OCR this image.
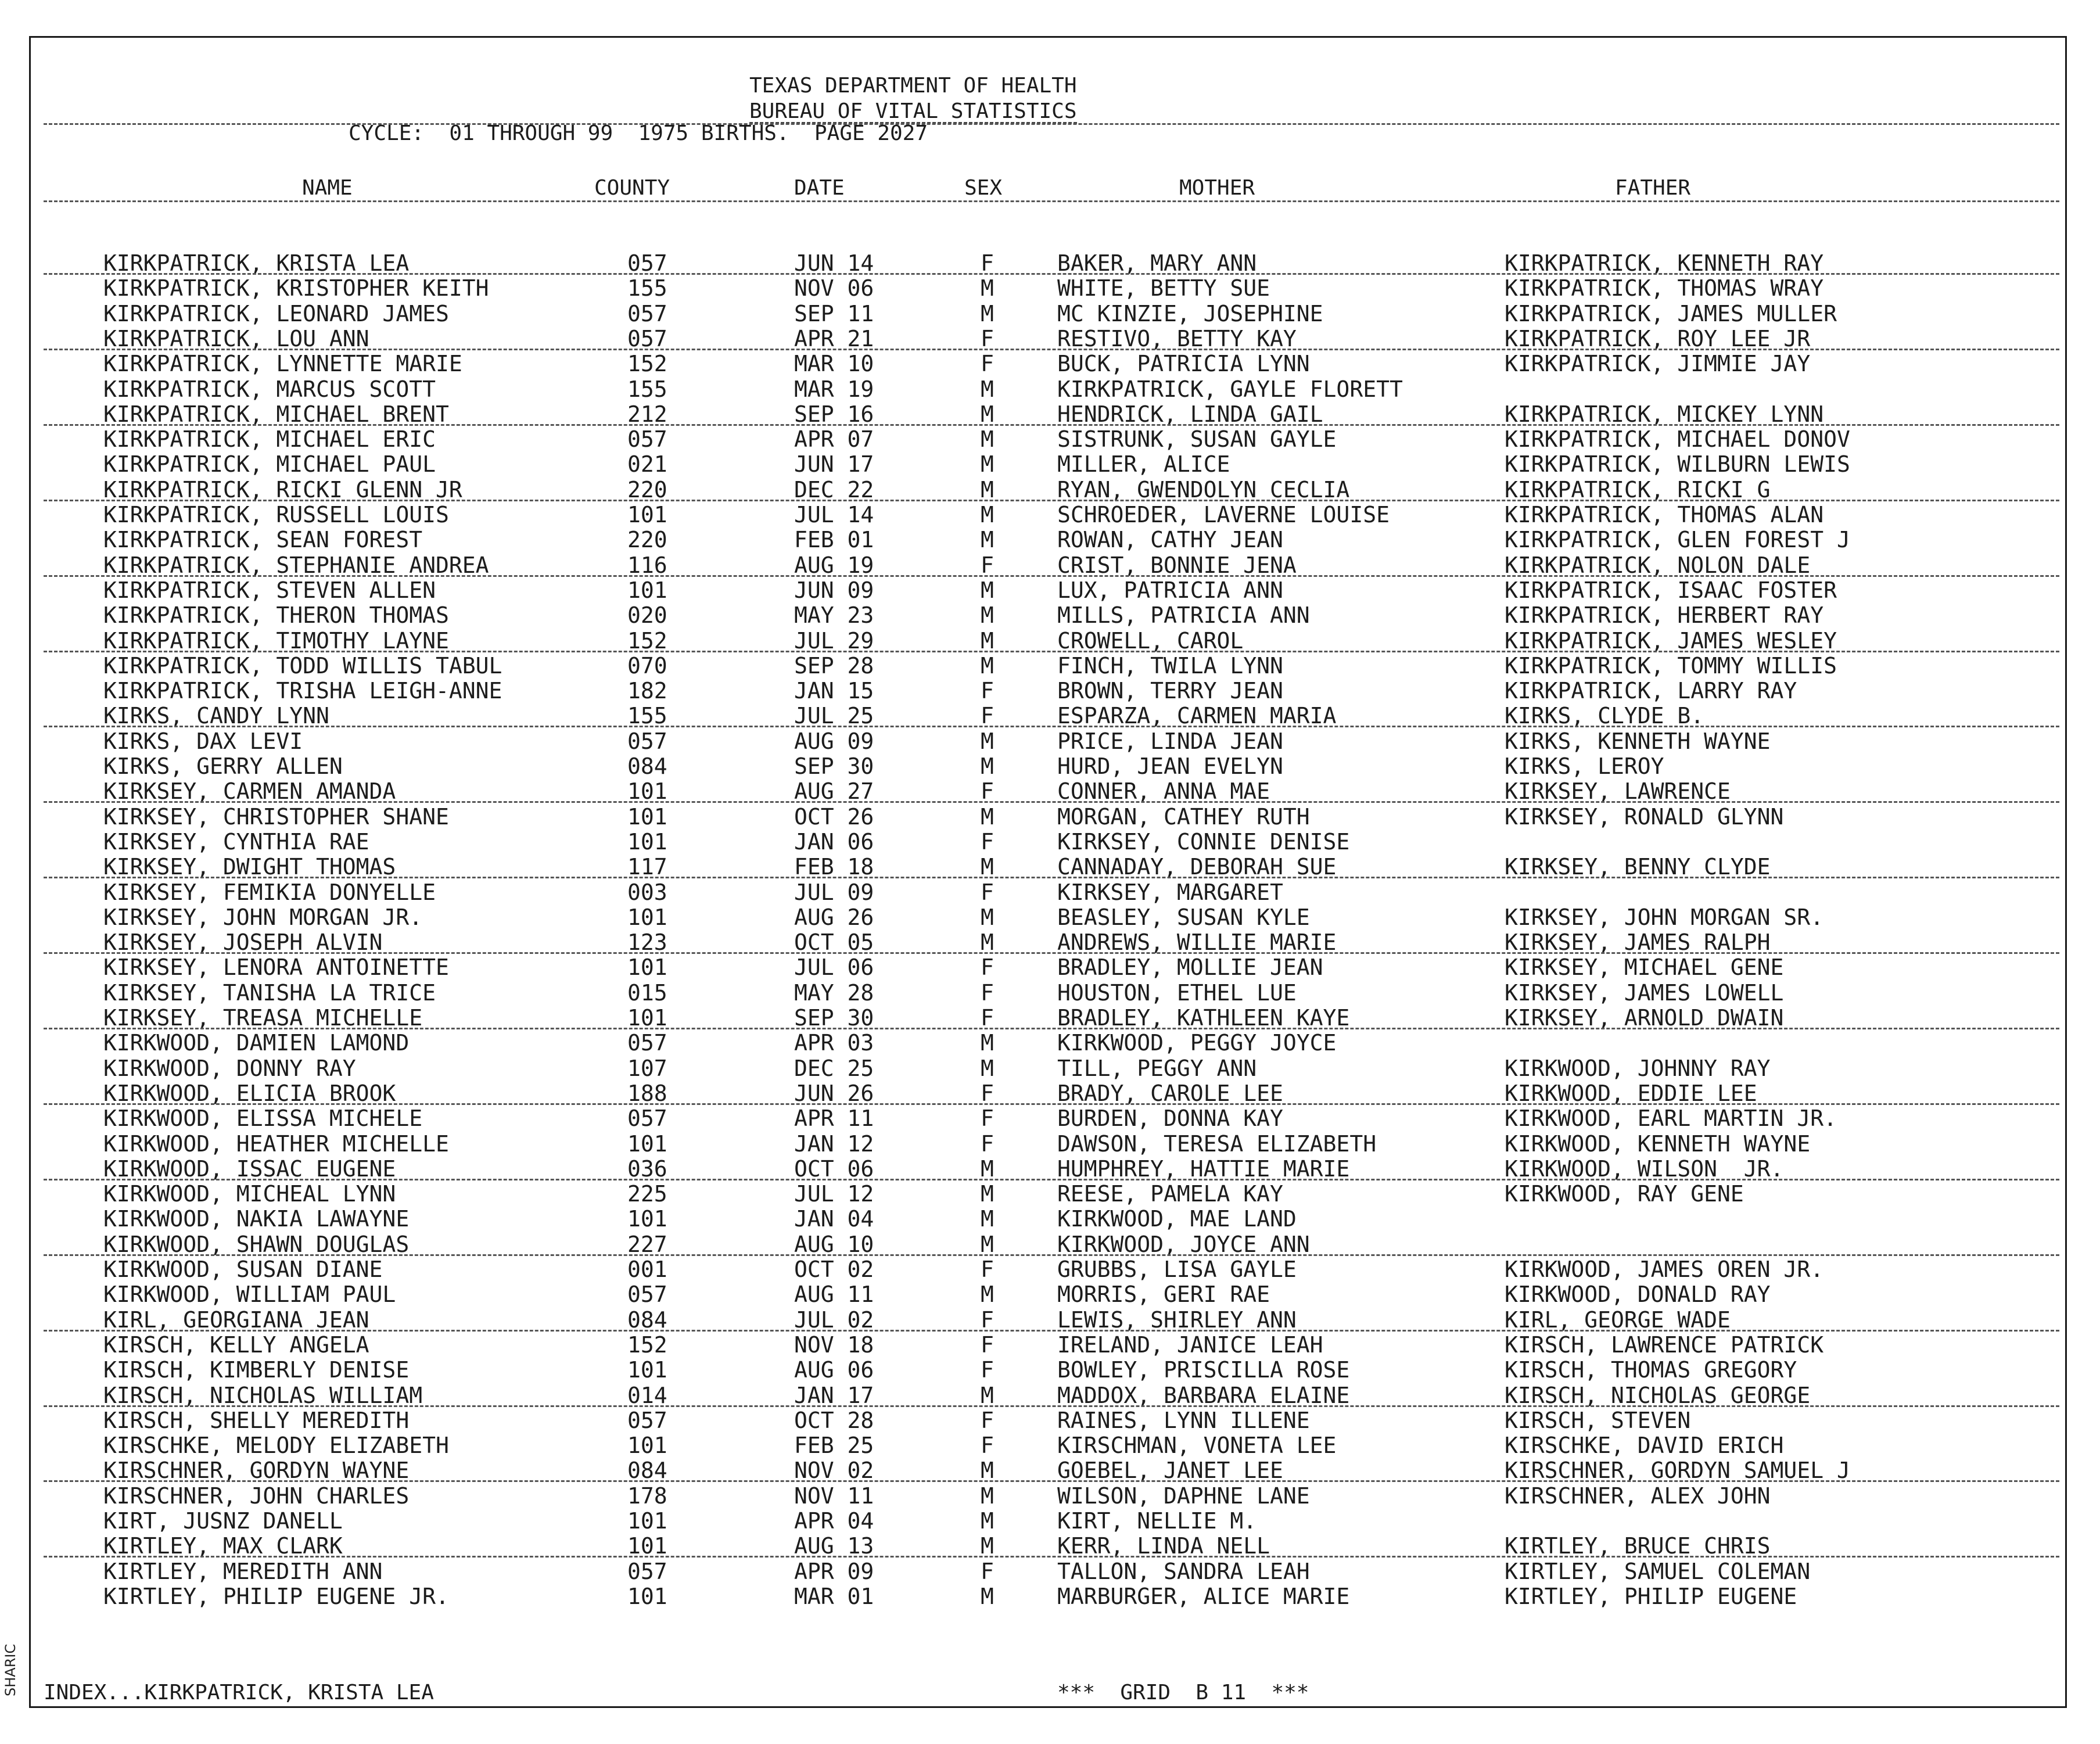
TEXAS DEPARTMENT OF HEALTH
BUREAU OF VITAL STATISTICS
CYCLE:  01 THROUGH 99  1975 BIRTHS.  PAGE 2027
NAME	COUNTY	DATE	SEX	MOTHER	FATHER
KIRKPATRICK, KRISTA LEA	057	JUN 14	F	BAKER, MARY ANN	KIRKPATRICK, KENNETH RAY
KIRKPATRICK, KRISTOPHER KEITH	155	NOV 06	M	WHITE, BETTY SUE	KIRKPATRICK, THOMAS WRAY
KIRKPATRICK, LEONARD JAMES	057	SEP 11	M	MC KINZIE, JOSEPHINE	KIRKPATRICK, JAMES MULLER
KIRKPATRICK, LOU ANN	057	APR 21	F	RESTIVO, BETTY KAY	KIRKPATRICK, ROY LEE JR
KIRKPATRICK, LYNNETTE MARIE	152	MAR 10	F	BUCK, PATRICIA LYNN	KIRKPATRICK, JIMMIE JAY
KIRKPATRICK, MARCUS SCOTT	155	MAR 19	M	KIRKPATRICK, GAYLE FLORETT
KIRKPATRICK, MICHAEL BRENT	212	SEP 16	M	HENDRICK, LINDA GAIL	KIRKPATRICK, MICKEY LYNN
KIRKPATRICK, MICHAEL ERIC	057	APR 07	M	SISTRUNK, SUSAN GAYLE	KIRKPATRICK, MICHAEL DONOV
KIRKPATRICK, MICHAEL PAUL	021	JUN 17	M	MILLER, ALICE	KIRKPATRICK, WILBURN LEWIS
KIRKPATRICK, RICKI GLENN JR	220	DEC 22	M	RYAN, GWENDOLYN CECLIA	KIRKPATRICK, RICKI G
KIRKPATRICK, RUSSELL LOUIS	101	JUL 14	M	SCHROEDER, LAVERNE LOUISE	KIRKPATRICK, THOMAS ALAN
KIRKPATRICK, SEAN FOREST	220	FEB 01	M	ROWAN, CATHY JEAN	KIRKPATRICK, GLEN FOREST J
KIRKPATRICK, STEPHANIE ANDREA	116	AUG 19	F	CRIST, BONNIE JENA	KIRKPATRICK, NOLON DALE
KIRKPATRICK, STEVEN ALLEN	101	JUN 09	M	LUX, PATRICIA ANN	KIRKPATRICK, ISAAC FOSTER
KIRKPATRICK, THERON THOMAS	020	MAY 23	M	MILLS, PATRICIA ANN	KIRKPATRICK, HERBERT RAY
KIRKPATRICK, TIMOTHY LAYNE	152	JUL 29	M	CROWELL, CAROL	KIRKPATRICK, JAMES WESLEY
KIRKPATRICK, TODD WILLIS TABUL	070	SEP 28	M	FINCH, TWILA LYNN	KIRKPATRICK, TOMMY WILLIS
KIRKPATRICK, TRISHA LEIGH-ANNE	182	JAN 15	F	BROWN, TERRY JEAN	KIRKPATRICK, LARRY RAY
KIRKS, CANDY LYNN	155	JUL 25	F	ESPARZA, CARMEN MARIA	KIRKS, CLYDE B.
KIRKS, DAX LEVI	057	AUG 09	M	PRICE, LINDA JEAN	KIRKS, KENNETH WAYNE
KIRKS, GERRY ALLEN	084	SEP 30	M	HURD, JEAN EVELYN	KIRKS, LEROY
KIRKSEY, CARMEN AMANDA	101	AUG 27	F	CONNER, ANNA MAE	KIRKSEY, LAWRENCE
KIRKSEY, CHRISTOPHER SHANE	101	OCT 26	M	MORGAN, CATHEY RUTH	KIRKSEY, RONALD GLYNN
KIRKSEY, CYNTHIA RAE	101	JAN 06	F	KIRKSEY, CONNIE DENISE
KIRKSEY, DWIGHT THOMAS	117	FEB 18	M	CANNADAY, DEBORAH SUE	KIRKSEY, BENNY CLYDE
KIRKSEY, FEMIKIA DONYELLE	003	JUL 09	F	KIRKSEY, MARGARET
KIRKSEY, JOHN MORGAN JR.	101	AUG 26	M	BEASLEY, SUSAN KYLE	KIRKSEY, JOHN MORGAN SR.
KIRKSEY, JOSEPH ALVIN	123	OCT 05	M	ANDREWS, WILLIE MARIE	KIRKSEY, JAMES RALPH
KIRKSEY, LENORA ANTOINETTE	101	JUL 06	F	BRADLEY, MOLLIE JEAN	KIRKSEY, MICHAEL GENE
KIRKSEY, TANISHA LA TRICE	015	MAY 28	F	HOUSTON, ETHEL LUE	KIRKSEY, JAMES LOWELL
KIRKSEY, TREASA MICHELLE	101	SEP 30	F	BRADLEY, KATHLEEN KAYE	KIRKSEY, ARNOLD DWAIN
KIRKWOOD, DAMIEN LAMOND	057	APR 03	M	KIRKWOOD, PEGGY JOYCE
KIRKWOOD, DONNY RAY	107	DEC 25	M	TILL, PEGGY ANN	KIRKWOOD, JOHNNY RAY
KIRKWOOD, ELICIA BROOK	188	JUN 26	F	BRADY, CAROLE LEE	KIRKWOOD, EDDIE LEE
KIRKWOOD, ELISSA MICHELE	057	APR 11	F	BURDEN, DONNA KAY	KIRKWOOD, EARL MARTIN JR.
KIRKWOOD, HEATHER MICHELLE	101	JAN 12	F	DAWSON, TERESA ELIZABETH	KIRKWOOD, KENNETH WAYNE
KIRKWOOD, ISSAC EUGENE	036	OCT 06	M	HUMPHREY, HATTIE MARIE	KIRKWOOD, WILSON  JR.
KIRKWOOD, MICHEAL LYNN	225	JUL 12	M	REESE, PAMELA KAY	KIRKWOOD, RAY GENE
KIRKWOOD, NAKIA LAWAYNE	101	JAN 04	M	KIRKWOOD, MAE LAND
KIRKWOOD, SHAWN DOUGLAS	227	AUG 10	M	KIRKWOOD, JOYCE ANN
KIRKWOOD, SUSAN DIANE	001	OCT 02	F	GRUBBS, LISA GAYLE	KIRKWOOD, JAMES OREN JR.
KIRKWOOD, WILLIAM PAUL	057	AUG 11	M	MORRIS, GERI RAE	KIRKWOOD, DONALD RAY
KIRL, GEORGIANA JEAN	084	JUL 02	F	LEWIS, SHIRLEY ANN	KIRL, GEORGE WADE
KIRSCH, KELLY ANGELA	152	NOV 18	F	IRELAND, JANICE LEAH	KIRSCH, LAWRENCE PATRICK
KIRSCH, KIMBERLY DENISE	101	AUG 06	F	BOWLEY, PRISCILLA ROSE	KIRSCH, THOMAS GREGORY
KIRSCH, NICHOLAS WILLIAM	014	JAN 17	M	MADDOX, BARBARA ELAINE	KIRSCH, NICHOLAS GEORGE
KIRSCH, SHELLY MEREDITH	057	OCT 28	F	RAINES, LYNN ILLENE	KIRSCH, STEVEN
KIRSCHKE, MELODY ELIZABETH	101	FEB 25	F	KIRSCHMAN, VONETA LEE	KIRSCHKE, DAVID ERICH
KIRSCHNER, GORDYN WAYNE	084	NOV 02	M	GOEBEL, JANET LEE	KIRSCHNER, GORDYN SAMUEL J
KIRSCHNER, JOHN CHARLES	178	NOV 11	M	WILSON, DAPHNE LANE	KIRSCHNER, ALEX JOHN
KIRT, JUSNZ DANELL	101	APR 04	M	KIRT, NELLIE M.
KIRTLEY, MAX CLARK	101	AUG 13	M	KERR, LINDA NELL	KIRTLEY, BRUCE CHRIS
KIRTLEY, MEREDITH ANN	057	APR 09	F	TALLON, SANDRA LEAH	KIRTLEY, SAMUEL COLEMAN
KIRTLEY, PHILIP EUGENE JR.	101	MAR 01	M	MARBURGER, ALICE MARIE	KIRTLEY, PHILIP EUGENE
INDEX...KIRKPATRICK, KRISTA LEA	***  GRID  B 11  ***
SHARIC
